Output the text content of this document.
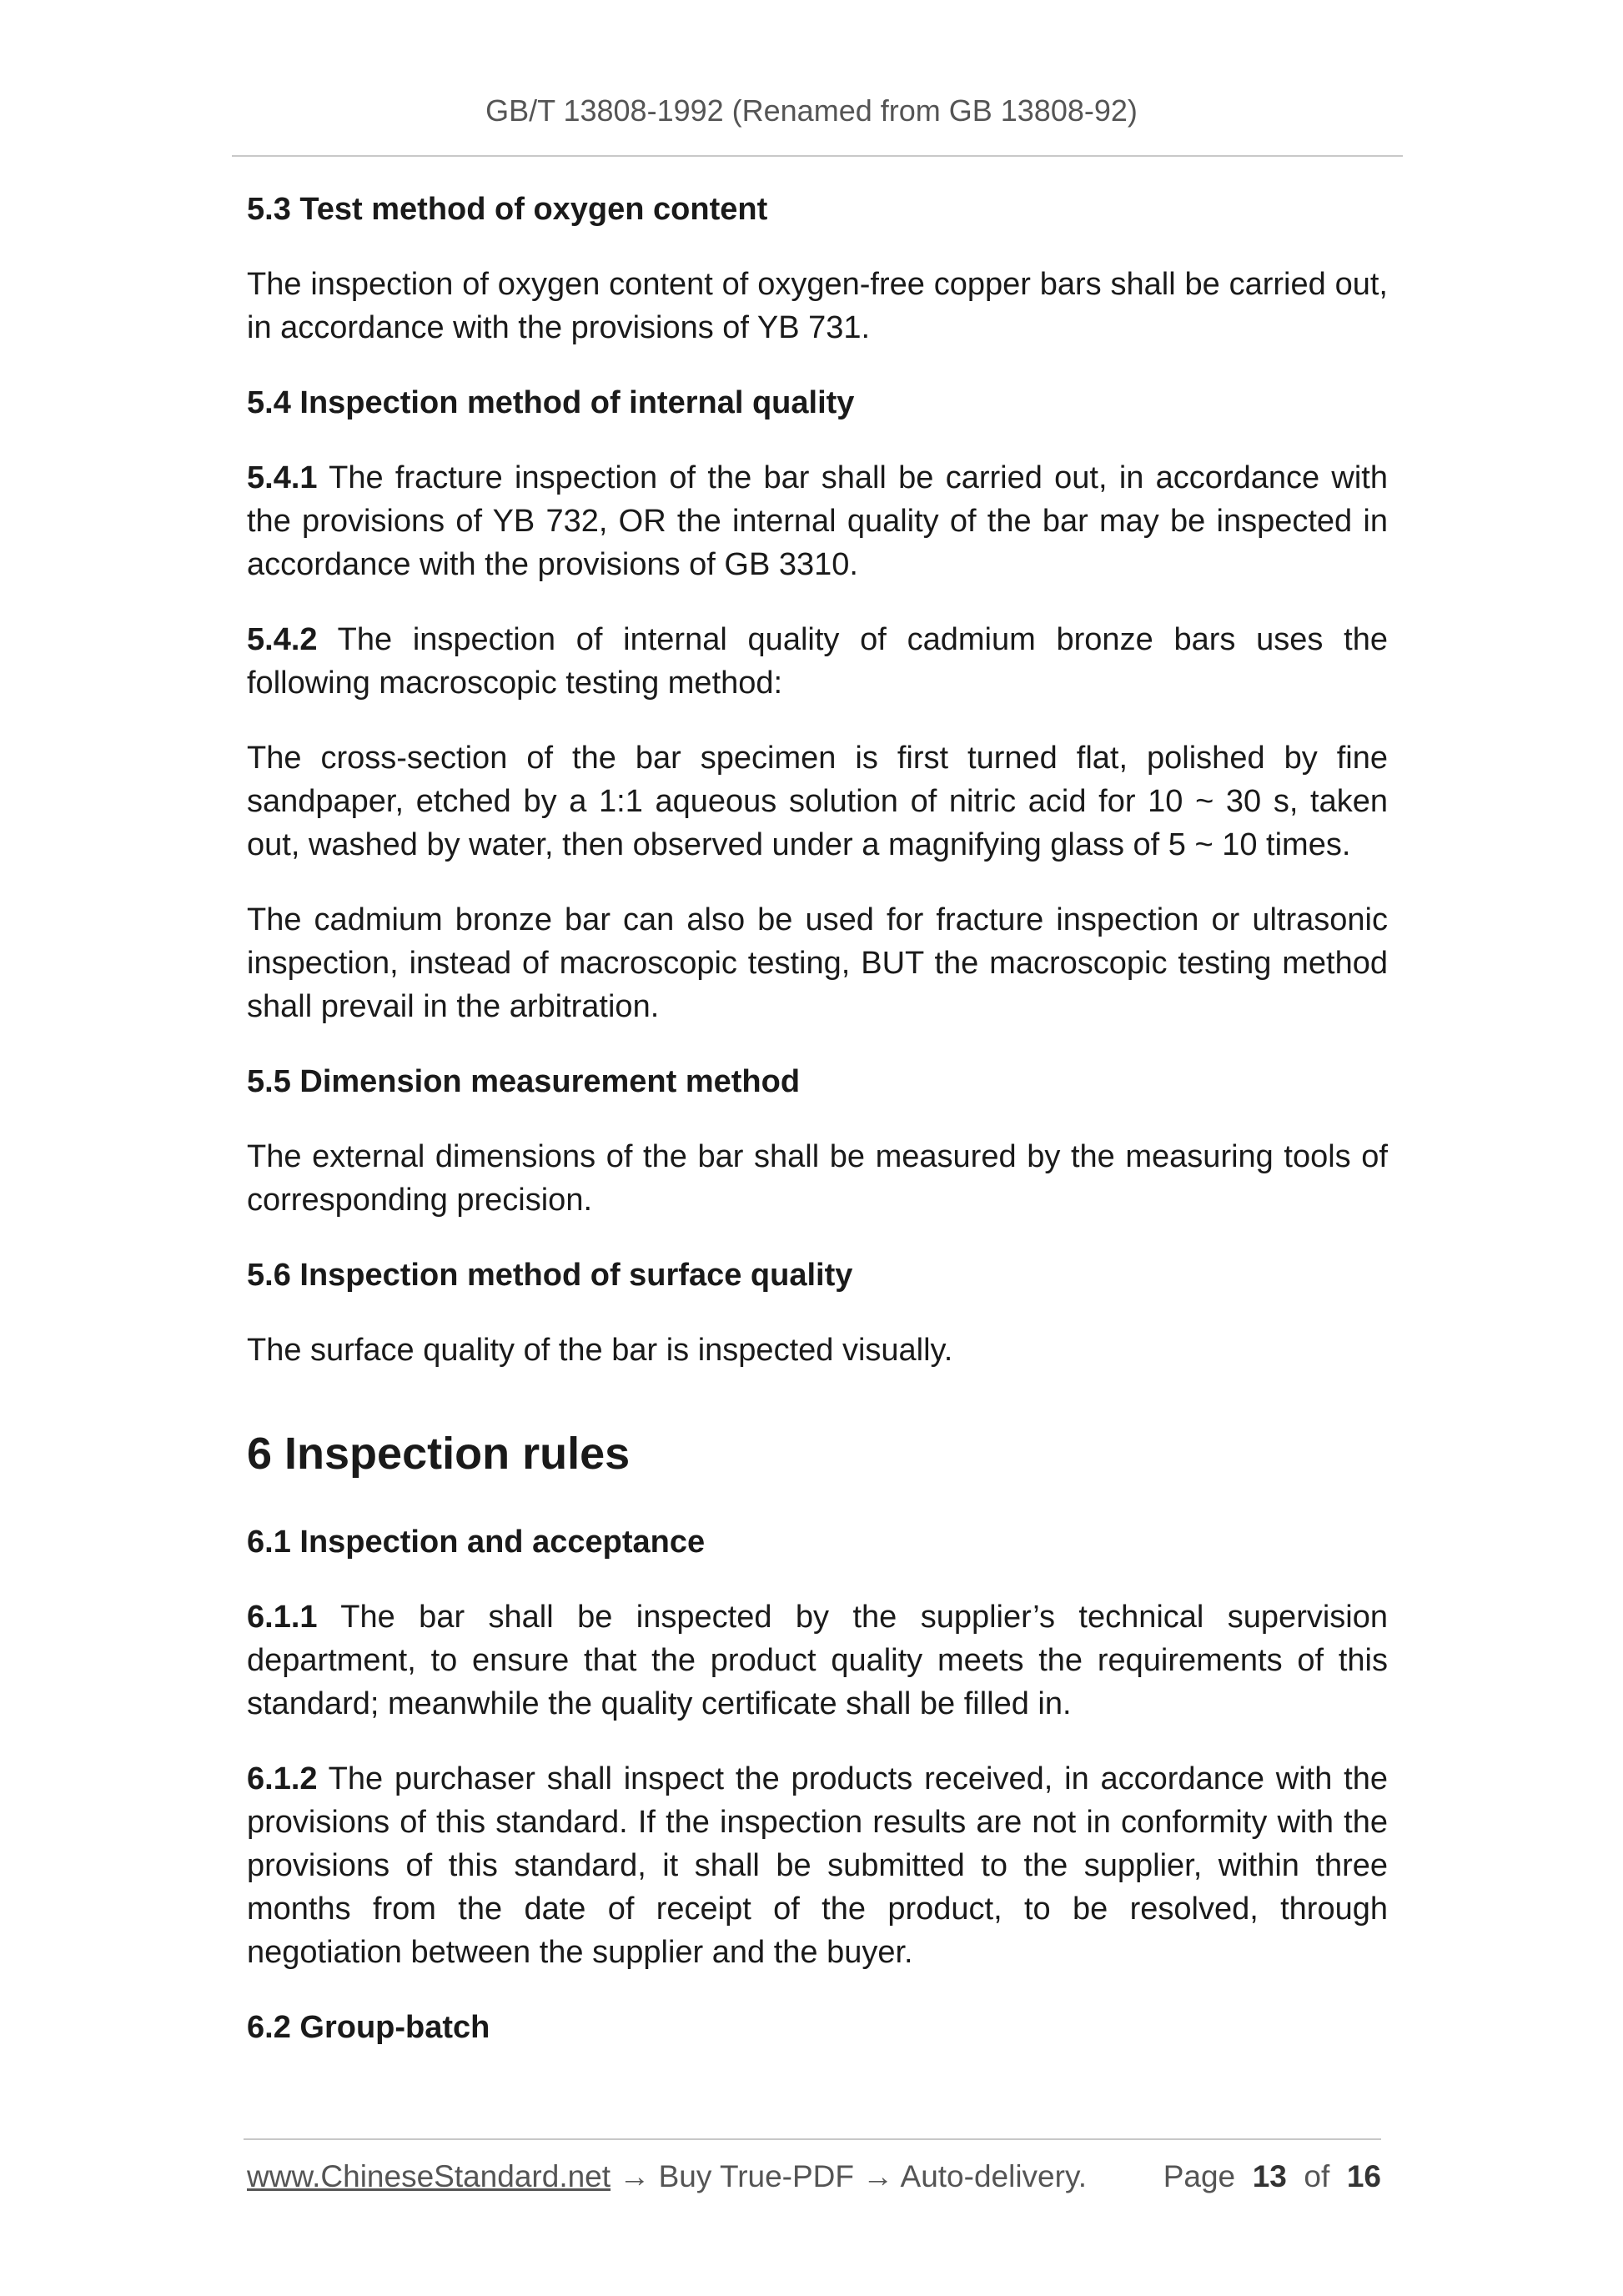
GB/T 13808-1992 (Renamed from GB 13808-92)
5.3 Test method of oxygen content
The inspection of oxygen content of oxygen-free copper bars shall be carried out, in accordance with the provisions of YB 731.
5.4 Inspection method of internal quality
5.4.1 The fracture inspection of the bar shall be carried out, in accordance with the provisions of YB 732, OR the internal quality of the bar may be inspected in accordance with the provisions of GB 3310.
5.4.2 The inspection of internal quality of cadmium bronze bars uses the following macroscopic testing method:
The cross-section of the bar specimen is first turned flat, polished by fine sandpaper, etched by a 1:1 aqueous solution of nitric acid for 10 ~ 30 s, taken out, washed by water, then observed under a magnifying glass of 5 ~ 10 times.
The cadmium bronze bar can also be used for fracture inspection or ultrasonic inspection, instead of macroscopic testing, BUT the macroscopic testing method shall prevail in the arbitration.
5.5 Dimension measurement method
The external dimensions of the bar shall be measured by the measuring tools of corresponding precision.
5.6 Inspection method of surface quality
The surface quality of the bar is inspected visually.
6 Inspection rules
6.1 Inspection and acceptance
6.1.1 The bar shall be inspected by the supplier’s technical supervision department, to ensure that the product quality meets the requirements of this standard; meanwhile the quality certificate shall be filled in.
6.1.2 The purchaser shall inspect the products received, in accordance with the provisions of this standard. If the inspection results are not in conformity with the provisions of this standard, it shall be submitted to the supplier, within three months from the date of receipt of the product, to be resolved, through negotiation between the supplier and the buyer.
6.2 Group-batch
www.ChineseStandard.net → Buy True-PDF → Auto-delivery. Page 13 of 16
